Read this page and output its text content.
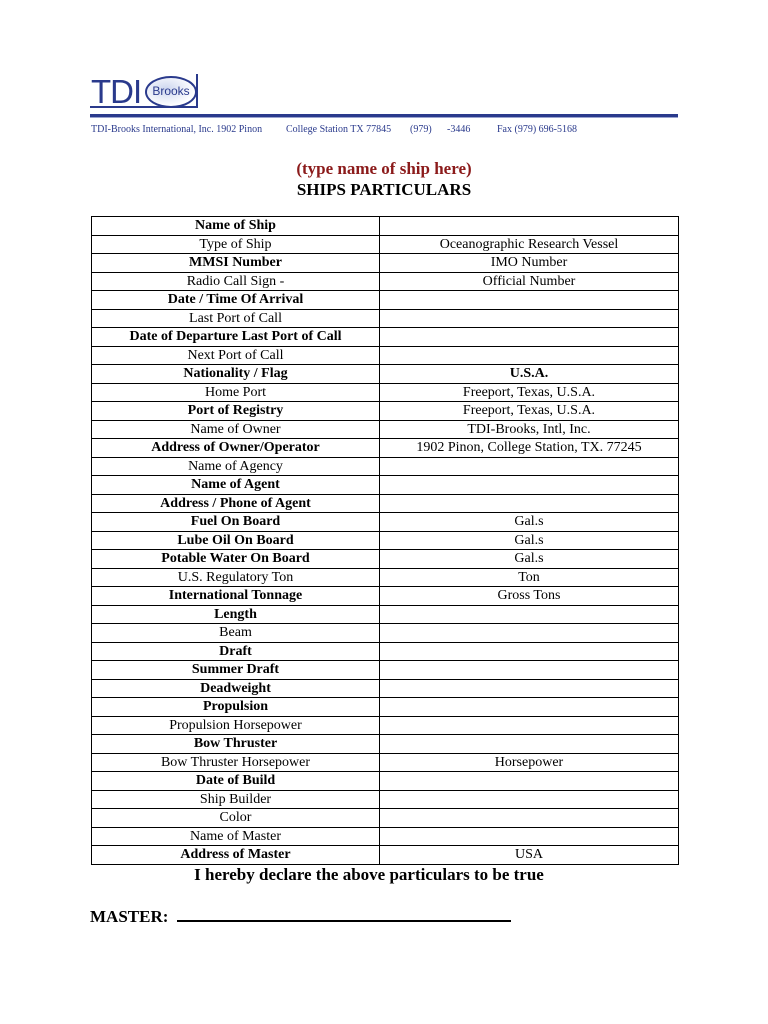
TDI Brooks
TDI-Brooks International, Inc. 1902 Pinon College Station TX 77845 (979) -3446	Fax (979) 696-5168
(type name of ship here)
SHIPS PARTICULARS
Name of Ship	
Type of Ship	Oceanographic Research Vessel
MMSI Number	IMO Number
Radio Call Sign -	Official Number
Date / Time Of Arrival	
Last Port of Call	
Date of Departure Last Port of Call	
Next Port of Call	
Nationality / Flag	U.S.A.
Home Port	Freeport, Texas, U.S.A.
Port of Registry	Freeport, Texas, U.S.A.
Name of Owner	TDI-Brooks, Intl, Inc.
Address of Owner/Operator	1902 Pinon, College Station, TX. 77245
Name of Agency	
Name of Agent	
Address / Phone of Agent	
Fuel On Board	Gal.s
Lube Oil On Board	Gal.s
Potable Water On Board	Gal.s
U.S. Regulatory Ton	Ton
International Tonnage	Gross Tons
Length	
Beam	
Draft	
Summer Draft	
Deadweight	
Propulsion	
Propulsion Horsepower	
Bow Thruster	
Bow Thruster Horsepower	Horsepower
Date of Build	
Ship Builder	
Color	
Name of Master	
Address of Master	USA
I hereby declare the above particulars to be true
MASTER:
